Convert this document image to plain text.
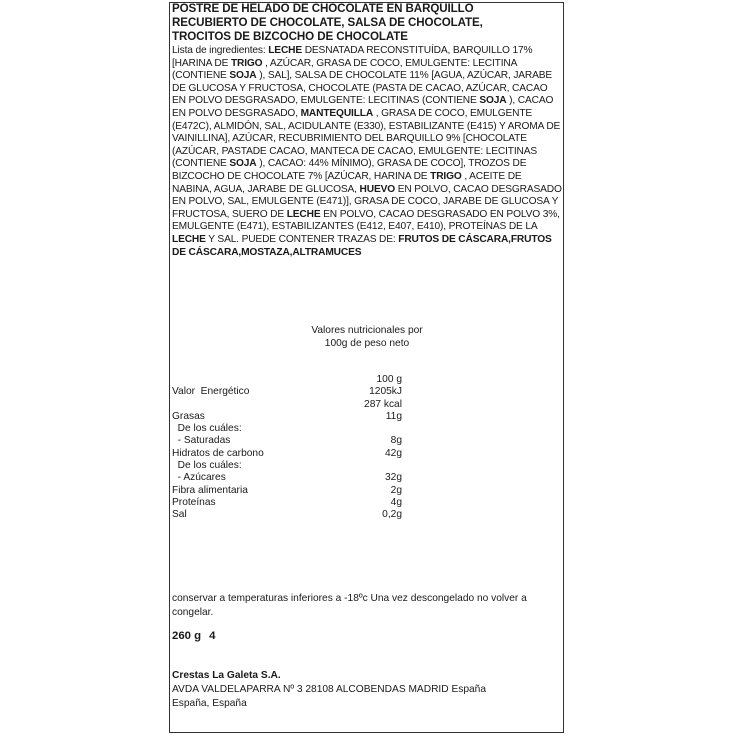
POSTRE DE HELADO DE CHOCOLATE EN BARQUILLO
RECUBIERTO DE CHOCOLATE, SALSA DE CHOCOLATE,
TROCITOS DE BIZCOCHO DE CHOCOLATE
Lista de ingredientes: LECHE DESNATADA RECONSTITUÍDA, BARQUILLO 17% [HARINA DE TRIGO , AZÚCAR, GRASA DE COCO, EMULGENTE: LECITINA (CONTIENE SOJA ), SAL], SALSA DE CHOCOLATE 11% [AGUA, AZÚCAR, JARABE DE GLUCOSA Y FRUCTOSA, CHOCOLATE (PASTA DE CACAO, AZÚCAR, CACAO EN POLVO DESGRASADO, EMULGENTE: LECITINAS (CONTIENE SOJA ), CACAO EN POLVO DESGRASADO, MANTEQUILLA , GRASA DE COCO, EMULGENTE (E472C), ALMIDÓN, SAL, ACIDULANTE (E330), ESTABILIZANTE (E415) Y AROMA DE VAINILLINA], AZÚCAR, RECUBRIMIENTO DEL BARQUILLO 9% [CHOCOLATE (AZÚCAR, PASTADE CACAO, MANTECA DE CACAO, EMULGENTE: LECITINAS (CONTIENE SOJA ), CACAO: 44% MÍNIMO), GRASA DE COCO], TROZOS DE BIZCOCHO DE CHOCOLATE 7% [AZÚCAR, HARINA DE TRIGO , ACEITE DE NABINA, AGUA, JARABE DE GLUCOSA, HUEVO EN POLVO, CACAO DESGRASADO EN POLVO, SAL, EMULGENTE (E471)], GRASA DE COCO, JARABE DE GLUCOSA Y FRUCTOSA, SUERO DE LECHE EN POLVO, CACAO DESGRASADO EN POLVO 3%, EMULGENTE (E471), ESTABILIZANTES (E412, E407, E410), PROTEÍNAS DE LA LECHE Y SAL. PUEDE CONTENER TRAZAS DE: FRUTOS DE CÁSCARA,FRUTOS DE CÁSCARA,MOSTAZA,ALTRAMUCES
Valores nutricionales por
100g de peso neto
100 g
Valor  Energético	1205kJ
287 kcal
Grasas	11g
De los cuáles:
- Saturadas	8g
Hidratos de carbono	42g
De los cuáles:
- Azúcares	32g
Fibra alimentaria	2g
Proteínas	4g
Sal	0,2g
conservar a temperaturas inferiores a -18ºc Una vez descongelado no volver a congelar.
260 g 4
Crestas La Galeta S.A.
AVDA VALDELAPARRA Nº 3 28108 ALCOBENDAS MADRID España
España, España
